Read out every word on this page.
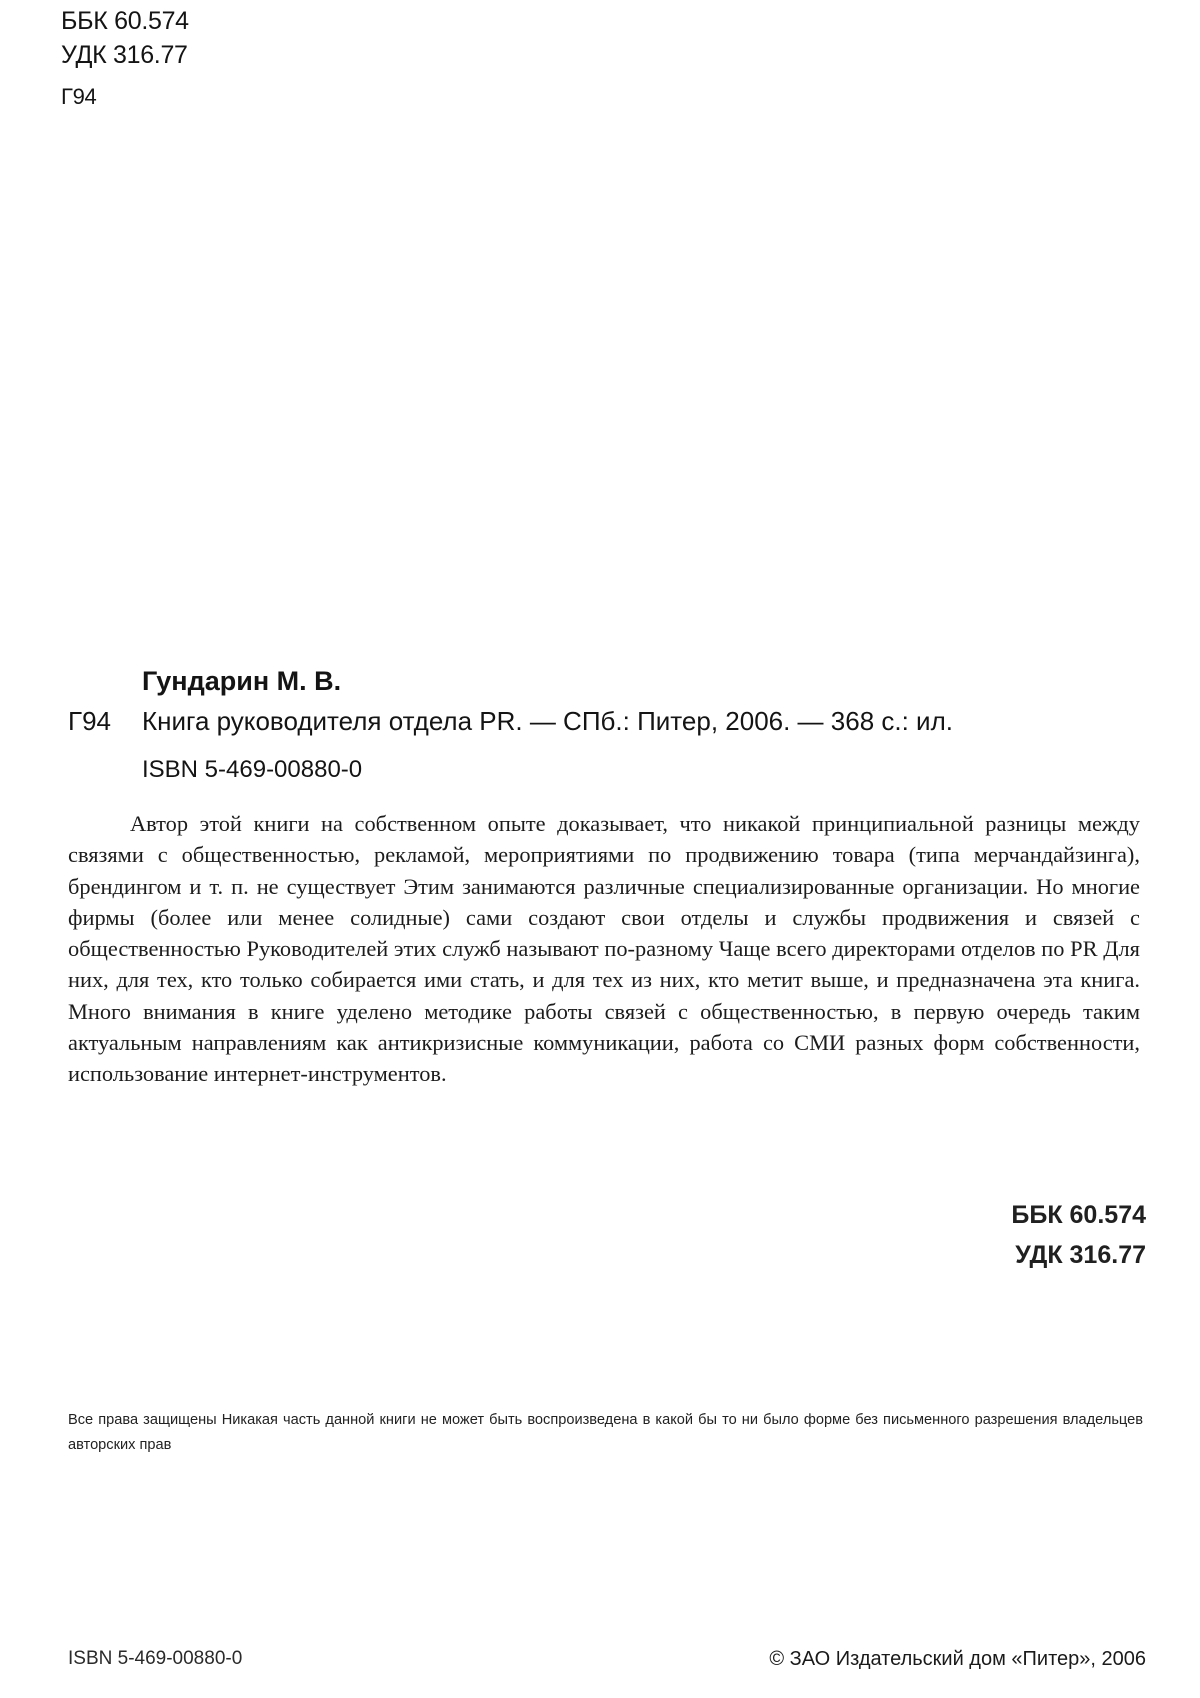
ББК 60.574
УДК 316.77
Г94
Гундарин М. В.
Г94 Книга руководителя отдела PR. — СПб.: Питер, 2006. — 368 с.: ил.
ISBN 5-469-00880-0

Автор этой книги на собственном опыте доказывает, что никакой принципиальной разницы между связями с общественностью, рекламой, мероприятиями по продвижению товара (типа мерчандайзинга), брендингом и т. п. не существует Этим занимаются различные специализированные организации. Но многие фирмы (более или менее солидные) сами создают свои отделы и службы продвижения и связей с общественностью Руководителей этих служб называют по-разному Чаще всего директорами отделов по PR Для них, для тех, кто только собирается ими стать, и для тех из них, кто метит выше, и предназначена эта книга. Много внимания в книге уделено методике работы связей с общественностью, в первую очередь таким актуальным направлениям как антикризисные коммуникации, работа со СМИ разных форм собственности, использование интернет-инструментов.

ББК 60.574
УДК 316.77

Все права защищены Никакая часть данной книги не может быть воспроизведена в какой бы то ни было форме без письменного разрешения владельцев авторских прав

ISBN 5-469-00880-0	© ЗАО Издательский дом «Питер», 2006
